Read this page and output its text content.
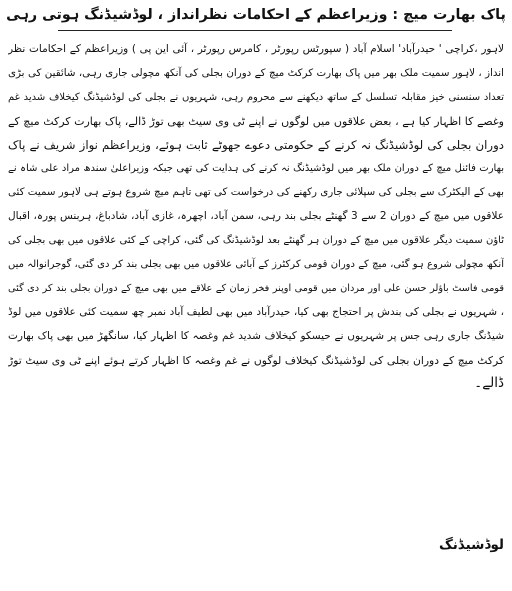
پاک بھارت میچ : وزیراعظم کے احکامات نظرانداز ، لوڈشیڈنگ ہوتی رہی
لاہور ،کراچی ' حیدرآباد' اسلام آباد ( سپورٹس رپورٹر ، کامرس رپورٹر ، آئی این پی ) وزیراعظم کے احکامات نظر
انداز ، لاہور سمیت ملک بھر میں پاک بھارت کرکٹ میچ کے دوران بجلی کی آنکھ مچولی جاری رہی، شائقین کی بڑی
تعداد سنسنی خیز مقابلہ تسلسل کے ساتھ دیکھنے سے محروم رہی، شہریوں نے بجلی کی لوڈشیڈنگ کیخلاف شدید غم
وغصے کا اظہار کیا ہے ، بعض علاقوں میں لوگوں نے اپنے ٹی وی سیٹ بھی توڑ ڈالے، پاک بھارت کرکٹ میچ کے
دوران بجلی کی لوڈشیڈنگ نہ کرنے کے حکومتی دعوے جھوٹے ثابت ہوئے، وزیراعظم نواز شریف نے پاک
بھارت فائنل میچ کے دوران ملک بھر میں لوڈشیڈنگ نہ کرنے کی ہدایت کی تھی جبکہ وزیراعلیٰ سندھ مراد علی شاہ نے
بھی کے الیکٹرک سے بجلی کی سپلائی جاری رکھنے کی درخواست کی تھی تاہم میچ شروع ہوتے ہی لاہور سمیت کئی
علاقوں میں میچ کے دوران 2 سے 3 گھنٹے بجلی بند رہی، سمن آباد، اچھرہ، غازی آباد، شادباغ، ہربنس پورہ، اقبال
ٹاؤن سمیت دیگر علاقوں میں میچ کے دوران ہر گھنٹے بعد لوڈشیڈنگ کی گئی، کراچی کے کئی علاقوں میں بھی بجلی کی
آنکھ مچولی شروع ہو گئی، میچ کے دوران قومی کرکٹرز کے آبائی علاقوں میں بھی بجلی بند کر دی گئی، گوجرانوالہ میں
قومی فاسٹ باؤلر حسن علی اور مردان میں قومی اوپنر فخر زمان کے علاقے میں بھی میچ کے دوران بجلی بند کر دی گئی
، شہریوں نے بجلی کی بندش پر احتجاج بھی کیا، حیدرآباد میں بھی لطیف آباد نمبر چھ سمیت کئی علاقوں میں لوڈ
شیڈنگ جاری رہی جس پر شہریوں نے حیسکو کیخلاف شدید غم وغصہ کا اظہار کیا، سانگھڑ میں بھی پاک بھارت
کرکٹ میچ کے دوران بجلی کی لوڈشیڈنگ کیخلاف لوگوں نے غم وغصہ کا اظہار کرتے ہوئے اپنے ٹی وی سیٹ توڑ
ڈالے۔
لوڈشیڈنگ
